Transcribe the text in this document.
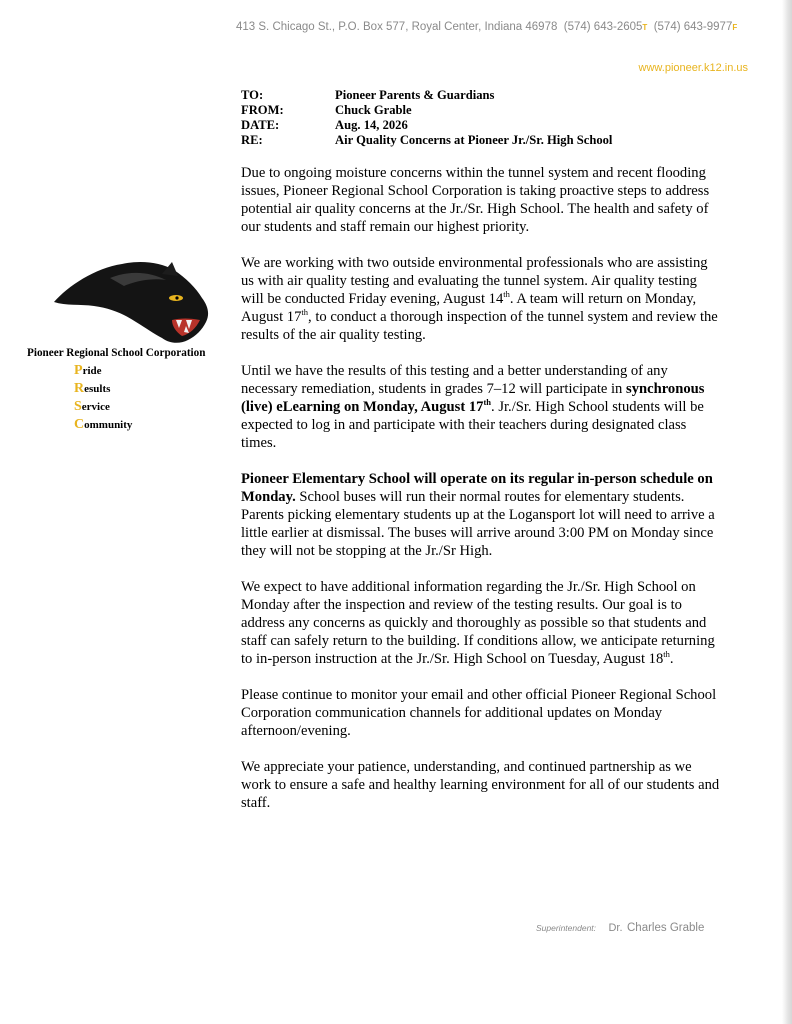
413 S. Chicago St., P.O. Box 577, Royal Center, Indiana 46978 (574) 643-2605T (574) 643-9977F
www.pioneer.k12.in.us
TO:	Pioneer Parents & Guardians
FROM:	Chuck Grable
DATE:	Aug. 14, 2026
RE:	Air Quality Concerns at Pioneer Jr./Sr. High School
Pioneer Regional School Corporation
Pride
Results
Service
Community

Due to ongoing moisture concerns within the tunnel system and recent flooding issues, Pioneer Regional School Corporation is taking proactive steps to address potential air quality concerns at the Jr./Sr. High School. The health and safety of our students and staff remain our highest priority.

We are working with two outside environmental professionals who are assisting us with air quality testing and evaluating the tunnel system. Air quality testing will be conducted Friday evening, August 14th. A team will return on Monday, August 17th, to conduct a thorough inspection of the tunnel system and review the results of the air quality testing.

Until we have the results of this testing and a better understanding of any necessary remediation, students in grades 7–12 will participate in synchronous (live) eLearning on Monday, August 17th. Jr./Sr. High School students will be expected to log in and participate with their teachers during designated class times.

Pioneer Elementary School will operate on its regular in-person schedule on Monday. School buses will run their normal routes for elementary students. Parents picking elementary students up at the Logansport lot will need to arrive a little earlier at dismissal. The buses will arrive around 3:00 PM on Monday since they will not be stopping at the Jr./Sr High.

We expect to have additional information regarding the Jr./Sr. High School on Monday after the inspection and review of the testing results. Our goal is to address any concerns as quickly and thoroughly as possible so that students and staff can safely return to the building. If conditions allow, we anticipate returning to in-person instruction at the Jr./Sr. High School on Tuesday, August 18th.

Please continue to monitor your email and other official Pioneer Regional School Corporation communication channels for additional updates on Monday afternoon/evening.

We appreciate your patience, understanding, and continued partnership as we work to ensure a safe and healthy learning environment for all of our students and staff.

Superintendent: Dr. Charles Grable
